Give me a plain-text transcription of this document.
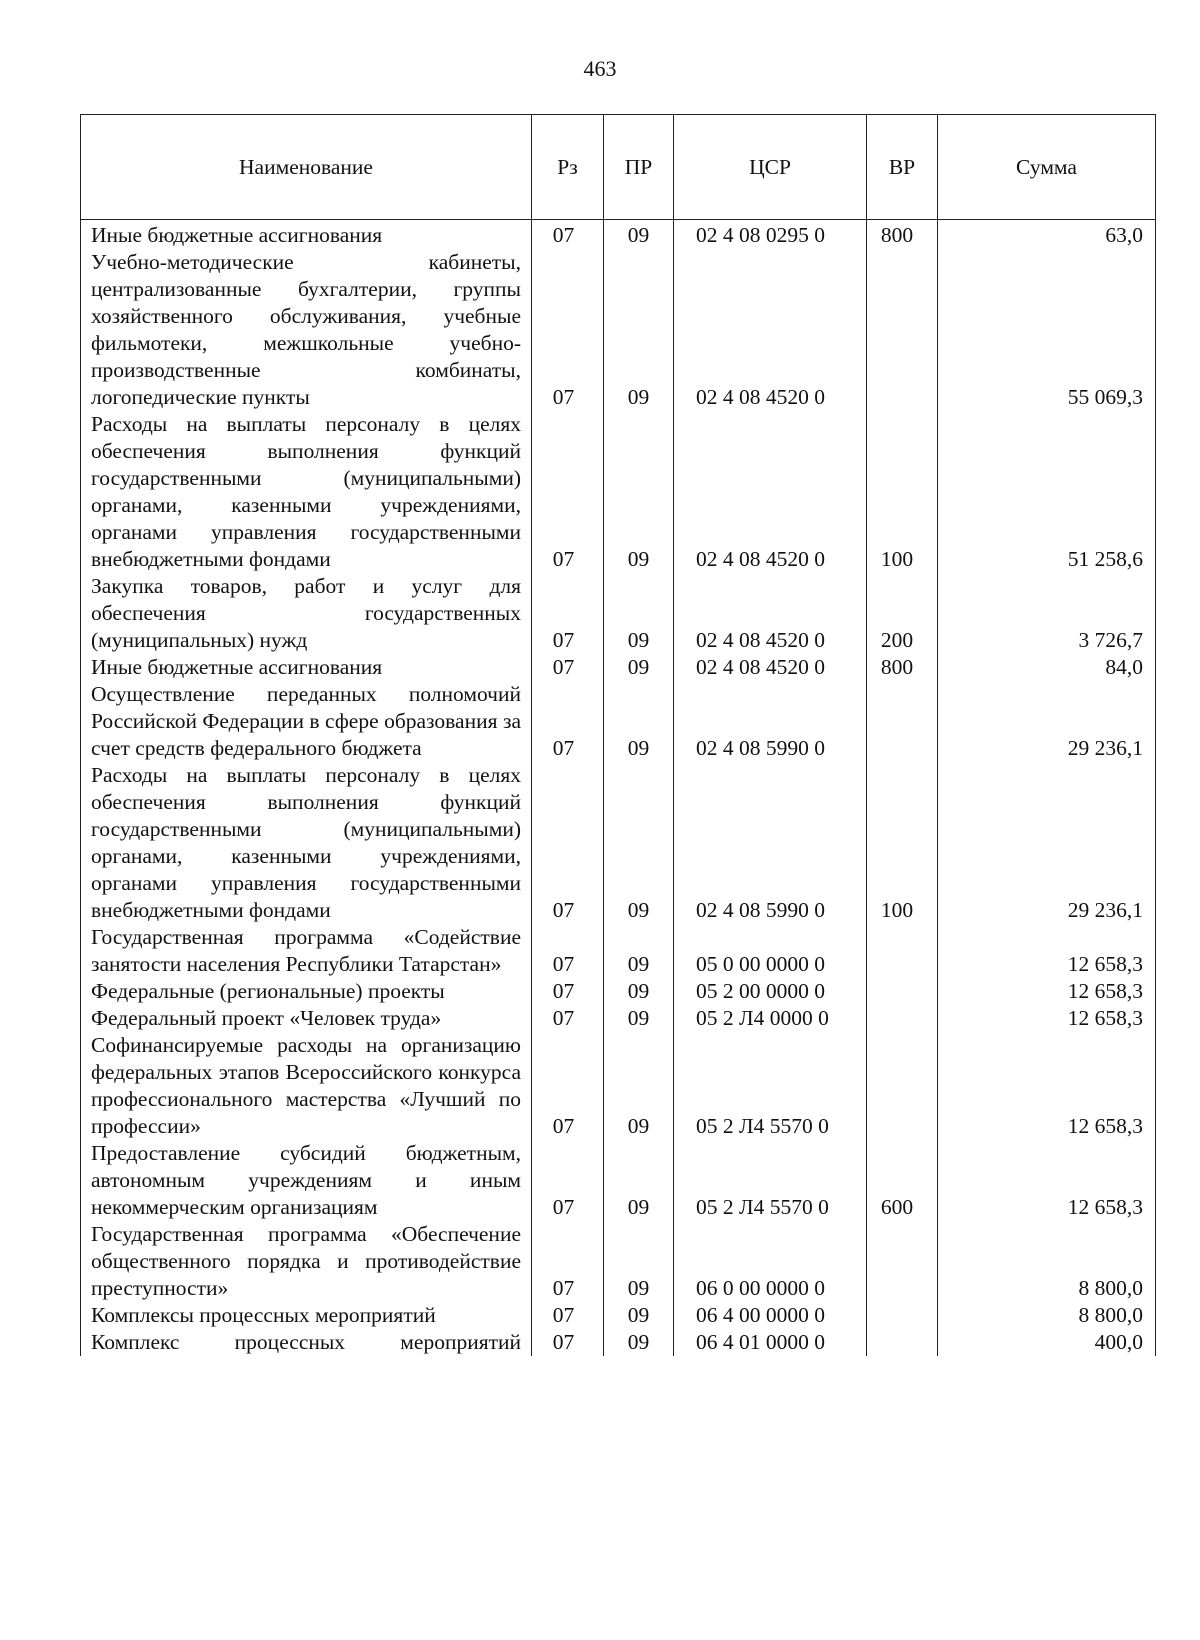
463
Наименование	Рз	ПР	ЦСР	ВР	Сумма
Иные бюджетные ассигнования	07	09	02 4 08 0295 0	800	63,0
Учебно-методические кабинеты, централизованные бухгалтерии, группы хозяйственного обслуживания, учебные фильмотеки, межшкольные учебно-производственные комбинаты, логопедические пункты	07	09	02 4 08 4520 0		55 069,3
Расходы на выплаты персоналу в целях обеспечения выполнения функций государственными (муниципальными) органами, казенными учреждениями, органами управления государственными внебюджетными фондами	07	09	02 4 08 4520 0	100	51 258,6
Закупка товаров, работ и услуг для обеспечения государственных (муниципальных) нужд	07	09	02 4 08 4520 0	200	3 726,7
Иные бюджетные ассигнования	07	09	02 4 08 4520 0	800	84,0
Осуществление переданных полномочий Российской Федерации в сфере образования за счет средств федерального бюджета	07	09	02 4 08 5990 0		29 236,1
Расходы на выплаты персоналу в целях обеспечения выполнения функций государственными (муниципальными) органами, казенными учреждениями, органами управления государственными внебюджетными фондами	07	09	02 4 08 5990 0	100	29 236,1
Государственная программа «Содействие занятости населения Республики Татарстан»	07	09	05 0 00 0000 0		12 658,3
Федеральные (региональные) проекты	07	09	05 2 00 0000 0		12 658,3
Федеральный проект «Человек труда»	07	09	05 2 Л4 0000 0		12 658,3
Софинансируемые расходы на организацию федеральных этапов Всероссийского конкурса профессионального мастерства «Лучший по профессии»	07	09	05 2 Л4 5570 0		12 658,3
Предоставление субсидий бюджетным, автономным учреждениям и иным некоммерческим организациям	07	09	05 2 Л4 5570 0	600	12 658,3
Государственная программа «Обеспечение общественного порядка и противодействие преступности»	07	09	06 0 00 0000 0		8 800,0
Комплексы процессных мероприятий	07	09	06 4 00 0000 0		8 800,0
Комплекс процессных мероприятий	07	09	06 4 01 0000 0		400,0
